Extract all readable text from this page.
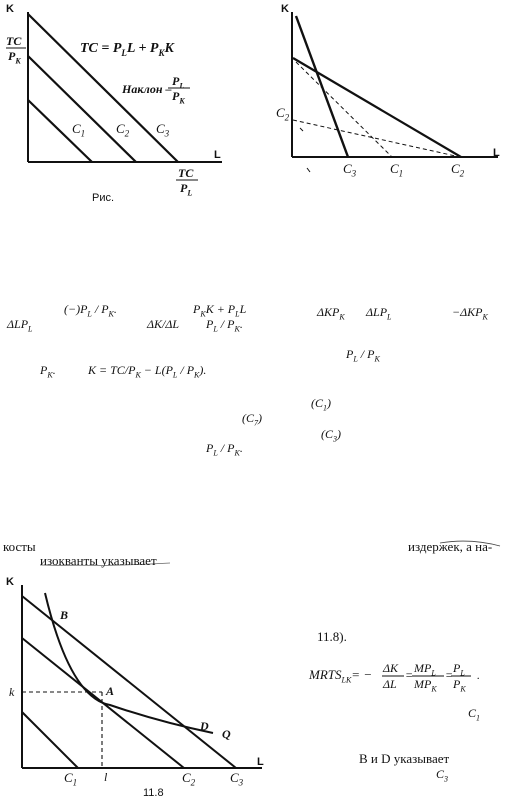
K
L
TC
$P_K$
TC = $P_LL + P_KK$
Наклон –
$P_L$
$P_K$
$C_1$ $C_2$ $C_3$
TC
$P_L$
Рис.
K
L
$C_2$
$C_3$	$C_1$	$C_2$
$(-)P_L / P_K$.	$P_KK + P_LL$	$\Delta KP_K$ $\Delta LP_L$	$-\Delta KP_K$
$\Delta LP_L$	ΔK/ΔL $P_L / P_K$.
$P_L / P_K$
$P_K$.	$K = TC/P_K - L(P_L / P_K)$.
$(C_1)$
$(C_7)$
$(C_3)$
$P_L / P_K$.
косты	издержек, а на-
изокванты указывает
K
L
B
A
D
Q
k
l
$C_1$	$C_2$	$C_3$
11.8
11.8).
$MRTS_{LK}= - \Delta K$
ΔL
= $MP_L$
$MP_K$
= $P_L$
$P_K$
.
$C_1$
B и D указывает
$C_3$
